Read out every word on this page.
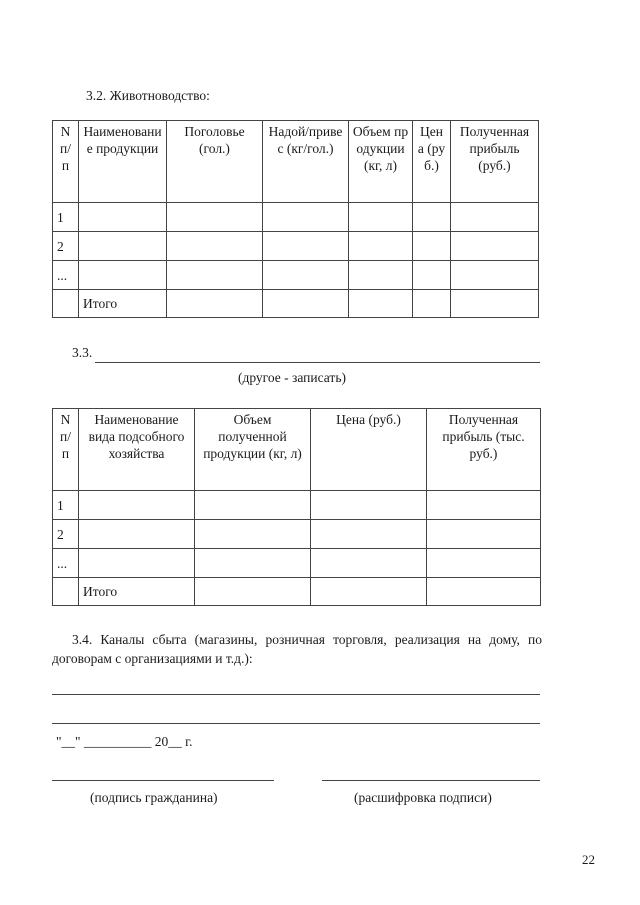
3.2. Животноводство:
N п/п	Наименование продукции	Поголовье (гол.)	Надой/привес (кг/гол.)	Объем продукции (кг, л)	Цена (руб.)	Полученная прибыль (руб.)

1						
2						
...						
	Итого					
3.3.
(другое - записать)
N п/п	Наименование вида подсобного хозяйства	Объем полученной продукции (кг, л)	Цена (руб.)	Полученная прибыль (тыс. руб.)

1				
2				
...				
	Итого			
3.4. Каналы сбыта (магазины, розничная торговля, реализация на дому, по договорам с организациями и т.д.):
"__" __________ 20__ г.
(подпись гражданина)	(расшифровка подписи)
22
